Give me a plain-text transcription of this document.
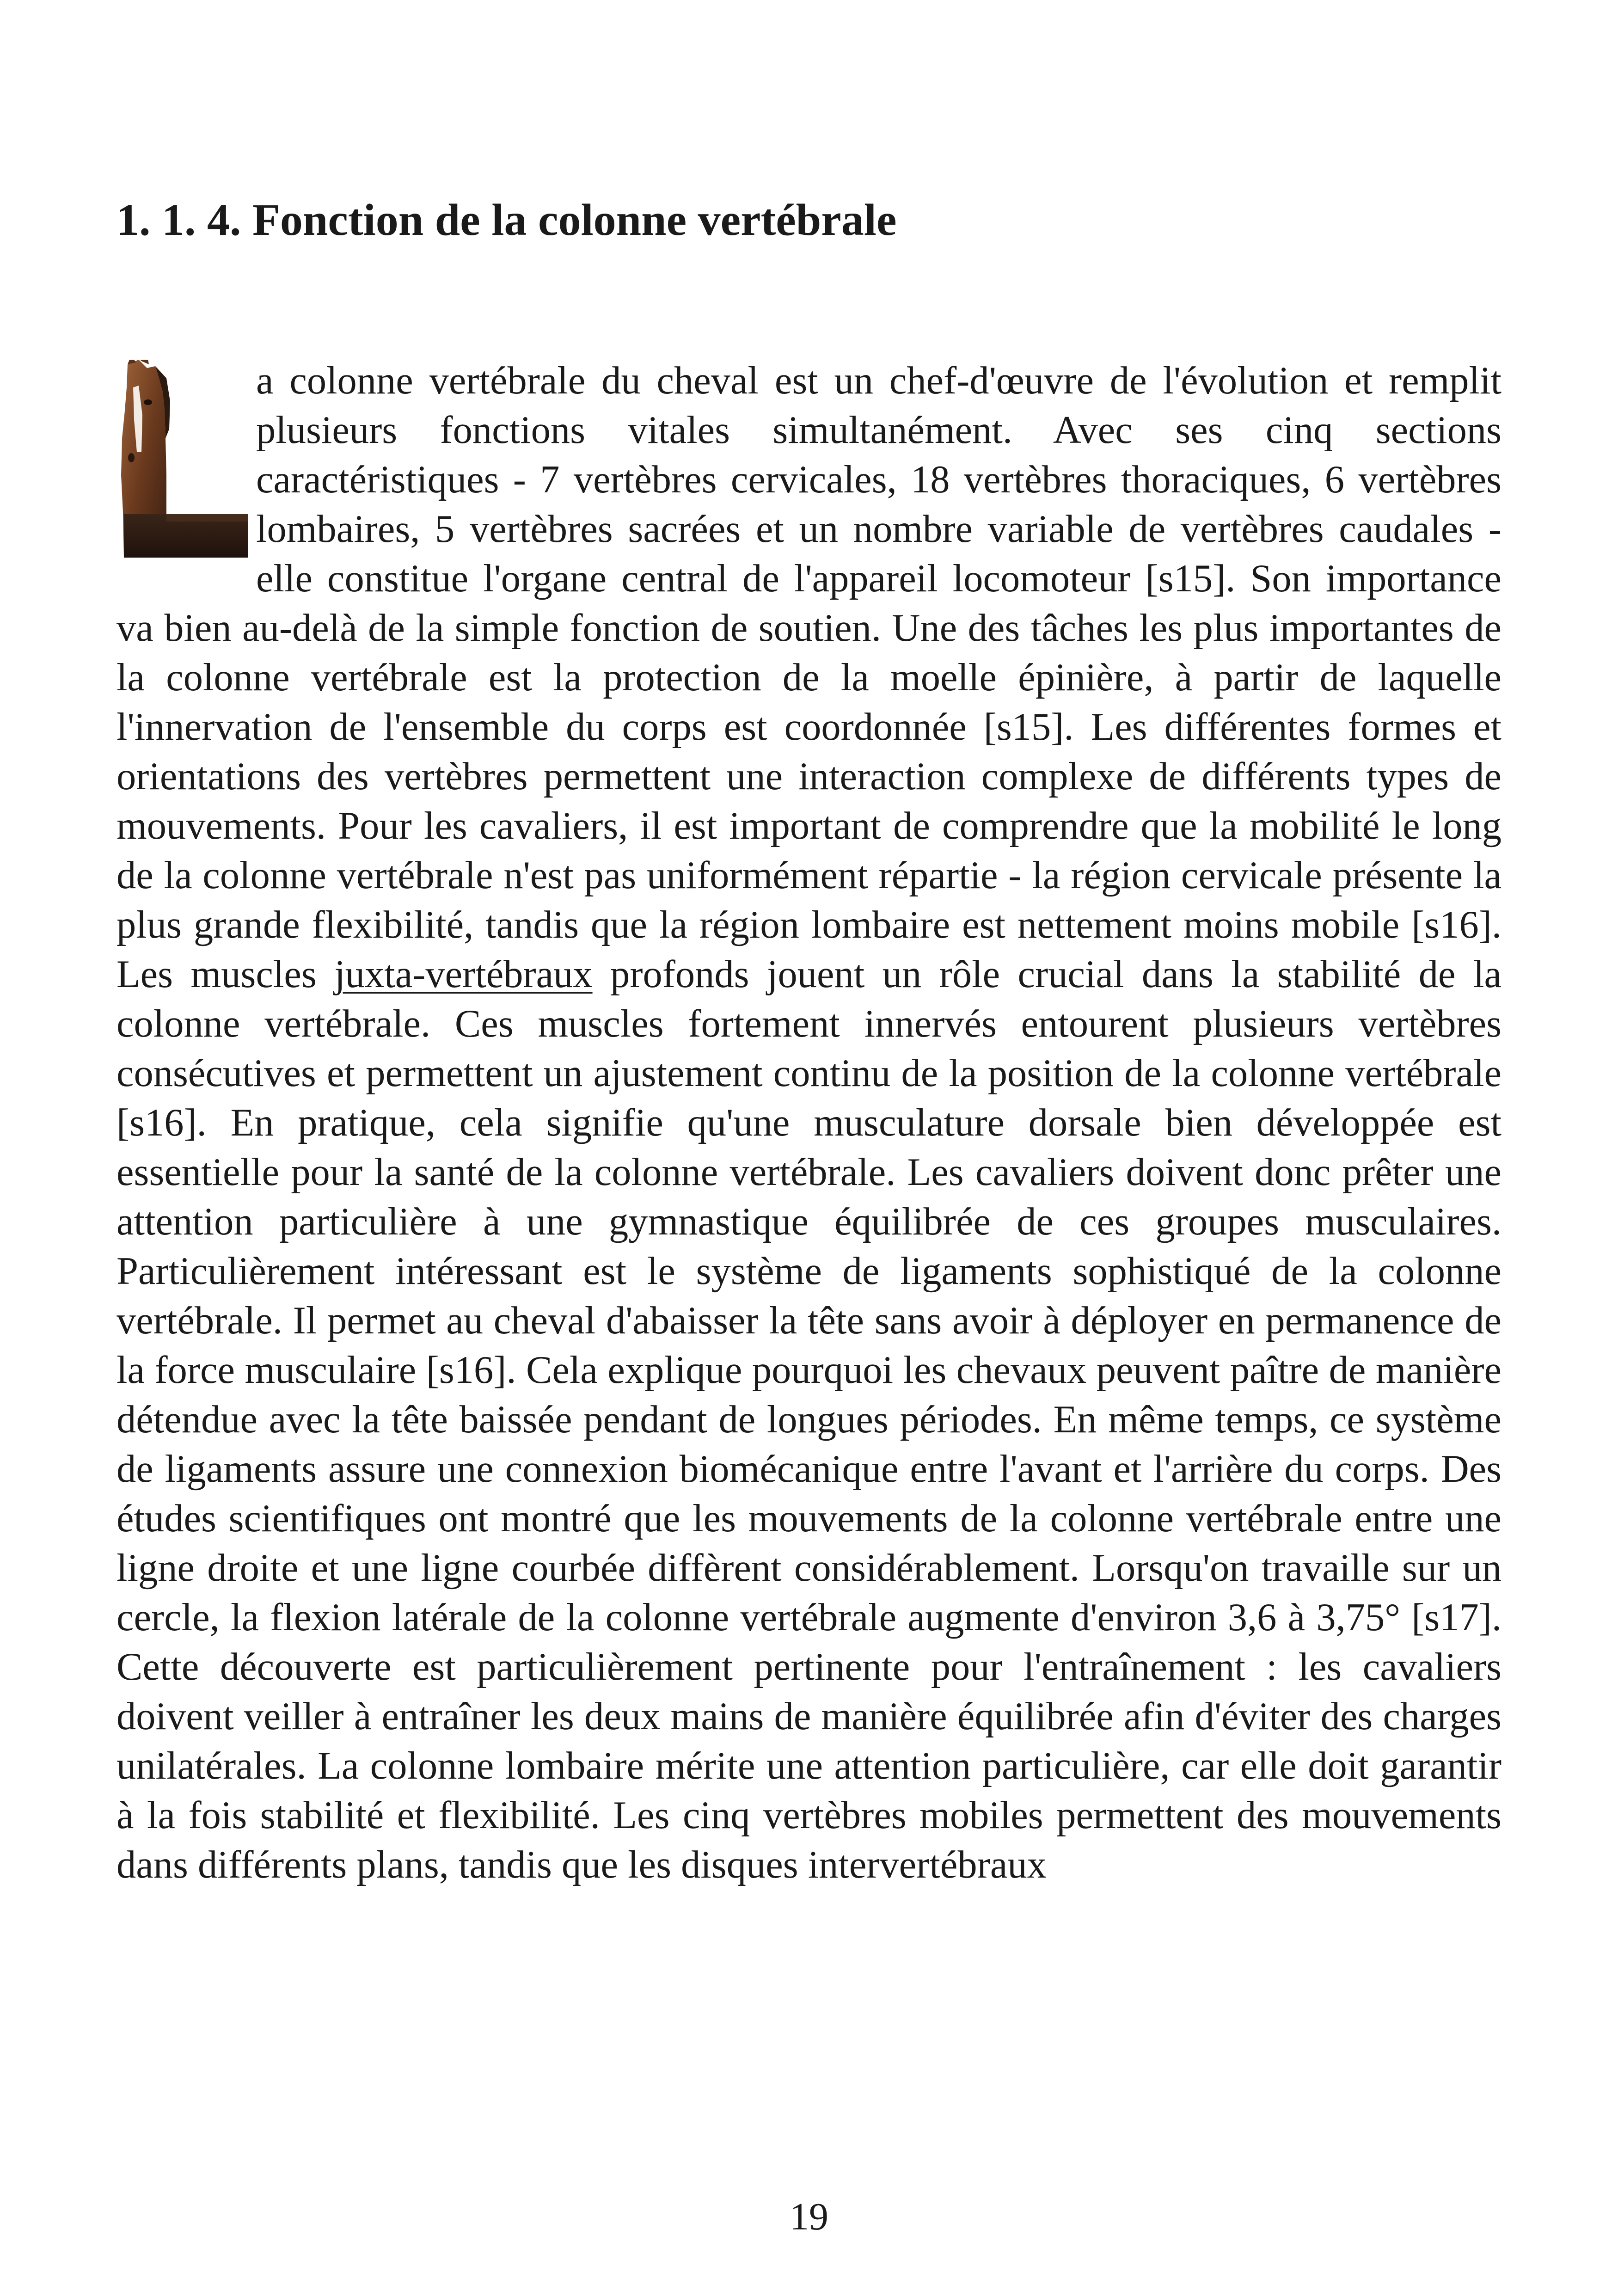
1. 1. 4. Fonction de la colonne vertébrale

a colonne vertébrale du cheval est un chef-d'œuvre de l'évolution et remplit plusieurs fonctions vitales simultanément. Avec ses cinq sections caractéristiques - 7 vertèbres cervicales, 18 vertèbres thoraciques, 6 vertèbres lombaires, 5 vertèbres sacrées et un nombre variable de vertèbres caudales - elle constitue l'organe central de l'appareil locomoteur [s15]. Son importance va bien au-delà de la simple fonction de soutien. Une des tâches les plus importantes de la colonne vertébrale est la protection de la moelle épinière, à partir de laquelle l'innervation de l'ensemble du corps est coordonnée [s15]. Les différentes formes et orientations des vertèbres permettent une interaction complexe de différents types de mouvements. Pour les cavaliers, il est important de comprendre que la mobilité le long de la colonne vertébrale n'est pas uniformément répartie - la région cervicale présente la plus grande flexibilité, tandis que la région lombaire est nettement moins mobile [s16]. Les muscles juxta-vertébraux profonds jouent un rôle crucial dans la stabilité de la colonne vertébrale. Ces muscles fortement innervés entourent plusieurs vertèbres consécutives et permettent un ajustement continu de la position de la colonne vertébrale [s16]. En pratique, cela signifie qu'une musculature dorsale bien développée est essentielle pour la santé de la colonne vertébrale. Les cavaliers doivent donc prêter une attention particulière à une gymnastique équilibrée de ces groupes musculaires. Particulièrement intéressant est le système de ligaments sophistiqué de la colonne vertébrale. Il permet au cheval d'abaisser la tête sans avoir à déployer en permanence de la force musculaire [s16]. Cela explique pourquoi les chevaux peuvent paître de manière détendue avec la tête baissée pendant de longues périodes. En même temps, ce système de ligaments assure une connexion biomécanique entre l'avant et l'arrière du corps. Des études scientifiques ont montré que les mouvements de la colonne vertébrale entre une ligne droite et une ligne courbée diffèrent considérablement. Lorsqu'on travaille sur un cercle, la flexion latérale de la colonne vertébrale augmente d'environ 3,6 à 3,75° [s17]. Cette découverte est particulièrement pertinente pour l'entraînement : les cavaliers doivent veiller à entraîner les deux mains de manière équilibrée afin d'éviter des charges unilatérales. La colonne lombaire mérite une attention particulière, car elle doit garantir à la fois stabilité et flexibilité. Les cinq vertèbres mobiles permettent des mouvements dans différents plans, tandis que les disques intervertébraux

19
